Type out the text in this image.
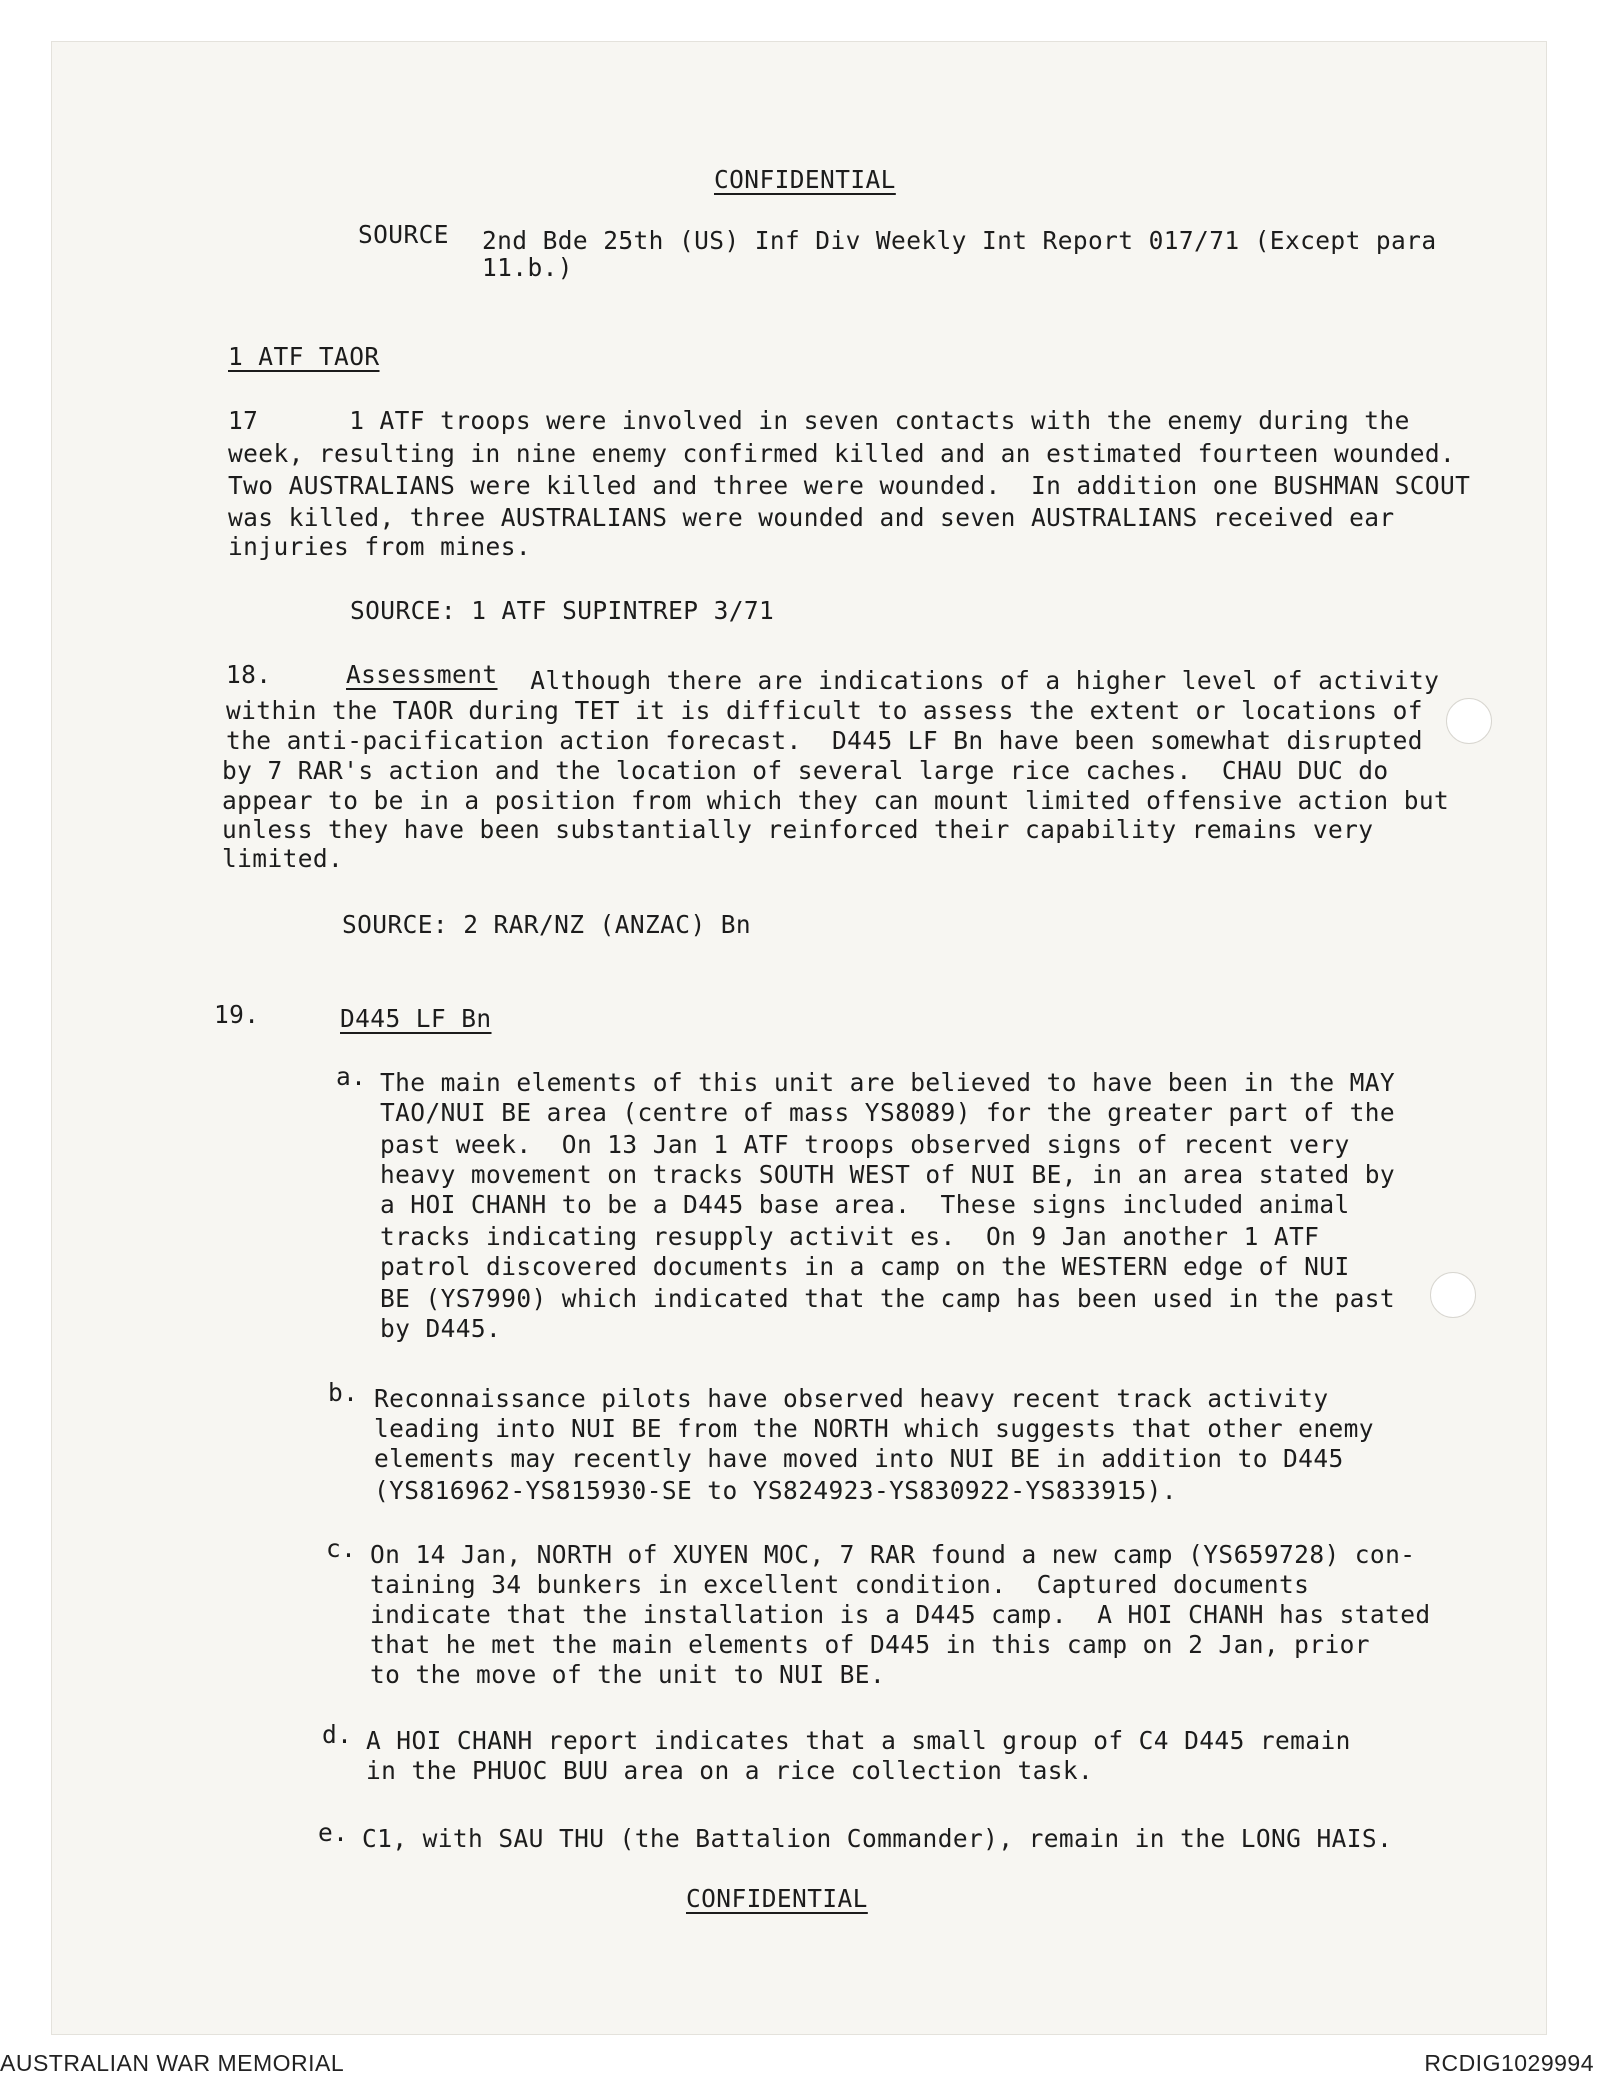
CONFIDENTIAL
SOURCE 2nd Bde 25th (US) Inf Div Weekly Int Report 017/71 (Except para
11.b.)
1 ATF TAOR
17      1 ATF troops were involved in seven contacts with the enemy during the
week, resulting in nine enemy confirmed killed and an estimated fourteen wounded.
Two AUSTRALIANS were killed and three were wounded.  In addition one BUSHMAN SCOUT
was killed, three AUSTRALIANS were wounded and seven AUSTRALIANS received ear
injuries from mines.
SOURCE: 1 ATF SUPINTREP 3/71
18.	Assessment Although there are indications of a higher level of activity
within the TAOR during TET it is difficult to assess the extent or locations of
the anti-pacification action forecast.  D445 LF Bn have been somewhat disrupted
by 7 RAR's action and the location of several large rice caches.  CHAU DUC do
appear to be in a position from which they can mount limited offensive action but
unless they have been substantially reinforced their capability remains very
limited.
SOURCE: 2 RAR/NZ (ANZAC) Bn
19.	D445 LF Bn
a. The main elements of this unit are believed to have been in the MAY
TAO/NUI BE area (centre of mass YS8089) for the greater part of the
past week.  On 13 Jan 1 ATF troops observed signs of recent very
heavy movement on tracks SOUTH WEST of NUI BE, in an area stated by
a HOI CHANH to be a D445 base area.  These signs included animal
tracks indicating resupply activit es.  On 9 Jan another 1 ATF
patrol discovered documents in a camp on the WESTERN edge of NUI
BE (YS7990) which indicated that the camp has been used in the past
by D445.
b. Reconnaissance pilots have observed heavy recent track activity
leading into NUI BE from the NORTH which suggests that other enemy
elements may recently have moved into NUI BE in addition to D445
(YS816962-YS815930-SE to YS824923-YS830922-YS833915).
c. On 14 Jan, NORTH of XUYEN MOC, 7 RAR found a new camp (YS659728) con-
taining 34 bunkers in excellent condition.  Captured documents
indicate that the installation is a D445 camp.  A HOI CHANH has stated
that he met the main elements of D445 in this camp on 2 Jan, prior
to the move of the unit to NUI BE.
d. A HOI CHANH report indicates that a small group of C4 D445 remain
in the PHUOC BUU area on a rice collection task.
e. C1, with SAU THU (the Battalion Commander), remain in the LONG HAIS.
CONFIDENTIAL
AUSTRALIAN WAR MEMORIAL	RCDIG1029994
